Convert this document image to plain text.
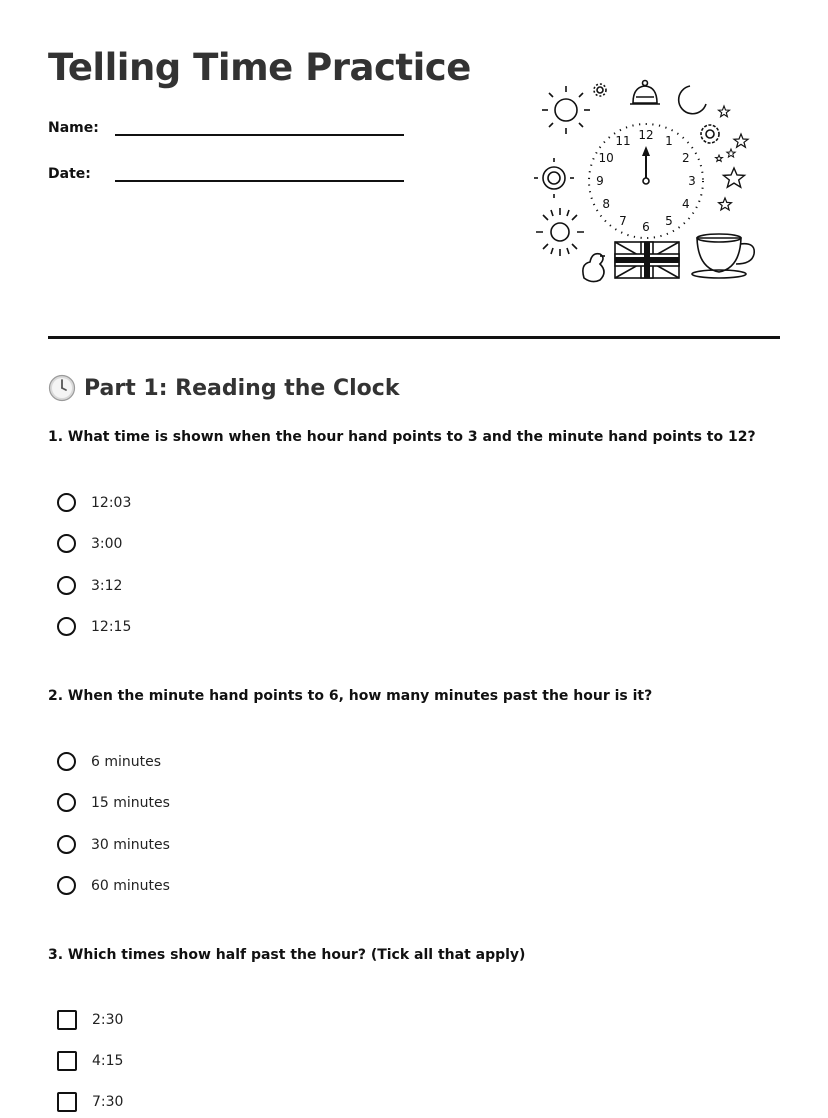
Telling Time Practice
Name:
Date:
12 1
2
3
4
5
6
7
8
9
10
11
Part 1: Reading the Clock

1. What time is shown when the hour hand points to 3 and the minute hand points to 12?

12:03
3:00
3:12
12:15

2. When the minute hand points to 6, how many minutes past the hour is it?

6 minutes
15 minutes
30 minutes
60 minutes

3. Which times show half past the hour? (Tick all that apply)

2:30
4:15
7:30
